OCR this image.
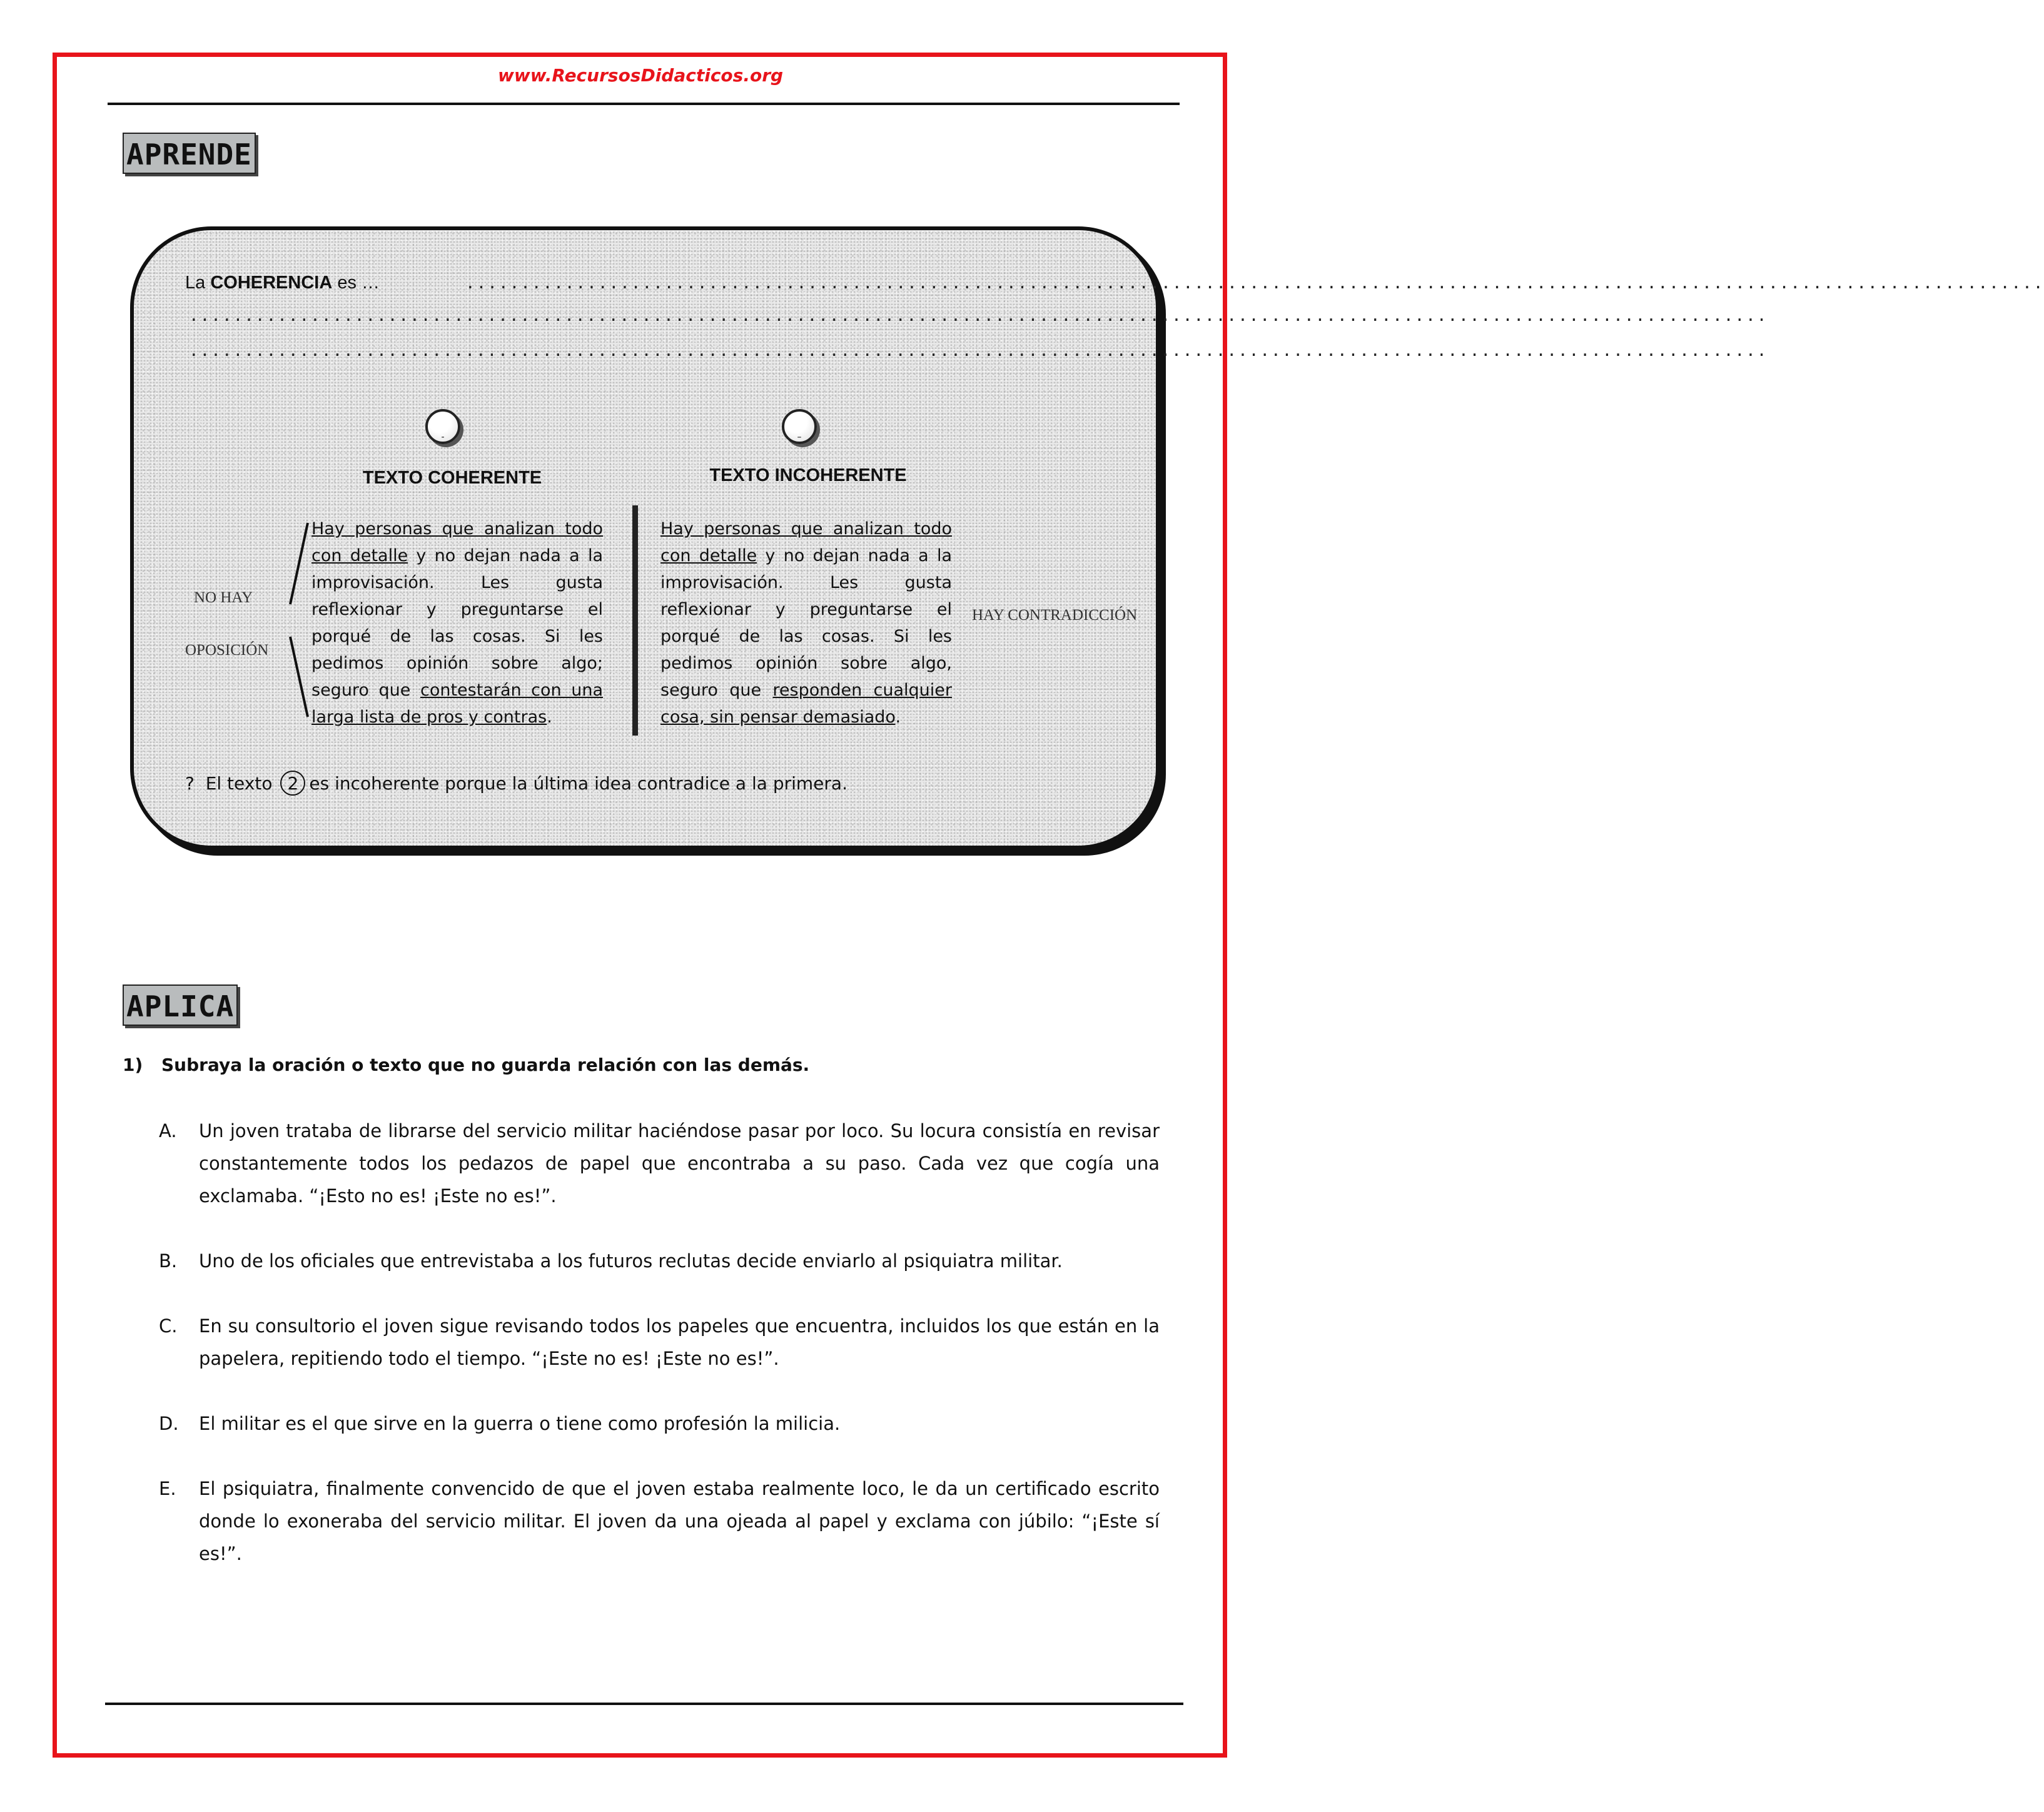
www.RecursosDidacticos.org
APRENDE
La COHERENCIA es …	...............................................................................................................................................
...............................................................................................................................................
...............................................................................................................................................
-	–
TEXTO COHERENTE	TEXTO INCOHERENTE
NO HAY
OPOSICIÓN
Hay personas que analizan todo con detalle y no dejan nada a la improvisación. Les gusta reflexionar y preguntarse el porqué de las cosas. Si les pedimos opinión sobre algo; seguro que contestarán con una larga lista de pros y contras.
Hay personas que analizan todo con detalle y no dejan nada a la improvisación. Les gusta reflexionar y preguntarse el porqué de las cosas. Si les pedimos opinión sobre algo, seguro que responden cualquier cosa, sin pensar demasiado.
HAY CONTRADICCIÓN
? El texto 2 es incoherente porque la última idea contradice a la primera.
APLICA
1) Subraya la oración o texto que no guarda relación con las demás.
A. Un joven trataba de librarse del servicio militar haciéndose pasar por loco. Su locura consistía en revisar constantemente todos los pedazos de papel que encontraba a su paso. Cada vez que cogía una exclamaba. “¡Esto no es! ¡Este no es!”.
B. Uno de los oficiales que entrevistaba a los futuros reclutas decide enviarlo al psiquiatra militar.
C. En su consultorio el joven sigue revisando todos los papeles que encuentra, incluidos los que están en la papelera, repitiendo todo el tiempo. “¡Este no es! ¡Este no es!”.
D. El militar es el que sirve en la guerra o tiene como profesión la milicia.
E. El psiquiatra, finalmente convencido de que el joven estaba realmente loco, le da un certificado escrito donde lo exoneraba del servicio militar. El joven da una ojeada al papel y exclama con júbilo: “¡Este sí es!”.
